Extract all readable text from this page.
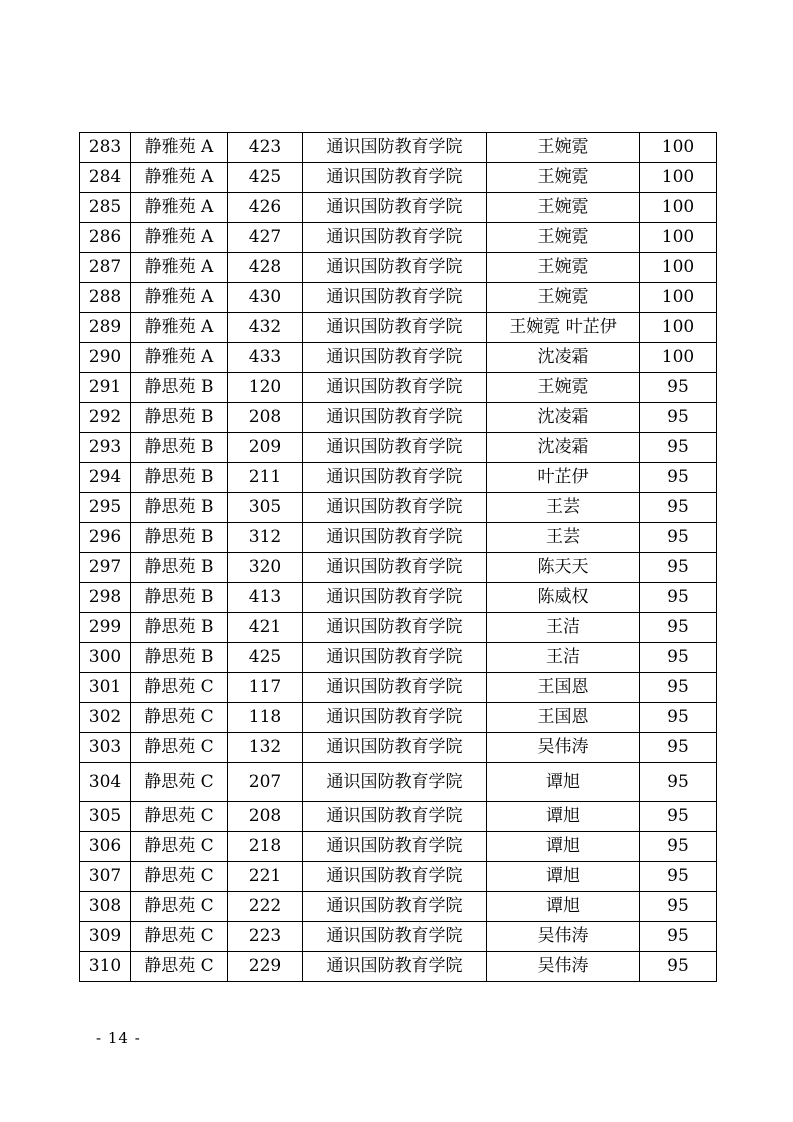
283	静雅苑 A	423	通识国防教育学院	王婉霓	100
284	静雅苑 A	425	通识国防教育学院	王婉霓	100
285	静雅苑 A	426	通识国防教育学院	王婉霓	100
286	静雅苑 A	427	通识国防教育学院	王婉霓	100
287	静雅苑 A	428	通识国防教育学院	王婉霓	100
288	静雅苑 A	430	通识国防教育学院	王婉霓	100
289	静雅苑 A	432	通识国防教育学院	王婉霓 叶芷伊	100
290	静雅苑 A	433	通识国防教育学院	沈凌霜	100
291	静思苑 B	120	通识国防教育学院	王婉霓	95
292	静思苑 B	208	通识国防教育学院	沈凌霜	95
293	静思苑 B	209	通识国防教育学院	沈凌霜	95
294	静思苑 B	211	通识国防教育学院	叶芷伊	95
295	静思苑 B	305	通识国防教育学院	王芸	95
296	静思苑 B	312	通识国防教育学院	王芸	95
297	静思苑 B	320	通识国防教育学院	陈天天	95
298	静思苑 B	413	通识国防教育学院	陈威权	95
299	静思苑 B	421	通识国防教育学院	王洁	95
300	静思苑 B	425	通识国防教育学院	王洁	95
301	静思苑 C	117	通识国防教育学院	王国恩	95
302	静思苑 C	118	通识国防教育学院	王国恩	95
303	静思苑 C	132	通识国防教育学院	吴伟涛	95
304	静思苑 C	207	通识国防教育学院	谭旭	95
305	静思苑 C	208	通识国防教育学院	谭旭	95
306	静思苑 C	218	通识国防教育学院	谭旭	95
307	静思苑 C	221	通识国防教育学院	谭旭	95
308	静思苑 C	222	通识国防教育学院	谭旭	95
309	静思苑 C	223	通识国防教育学院	吴伟涛	95
310	静思苑 C	229	通识国防教育学院	吴伟涛	95
- 14 -
